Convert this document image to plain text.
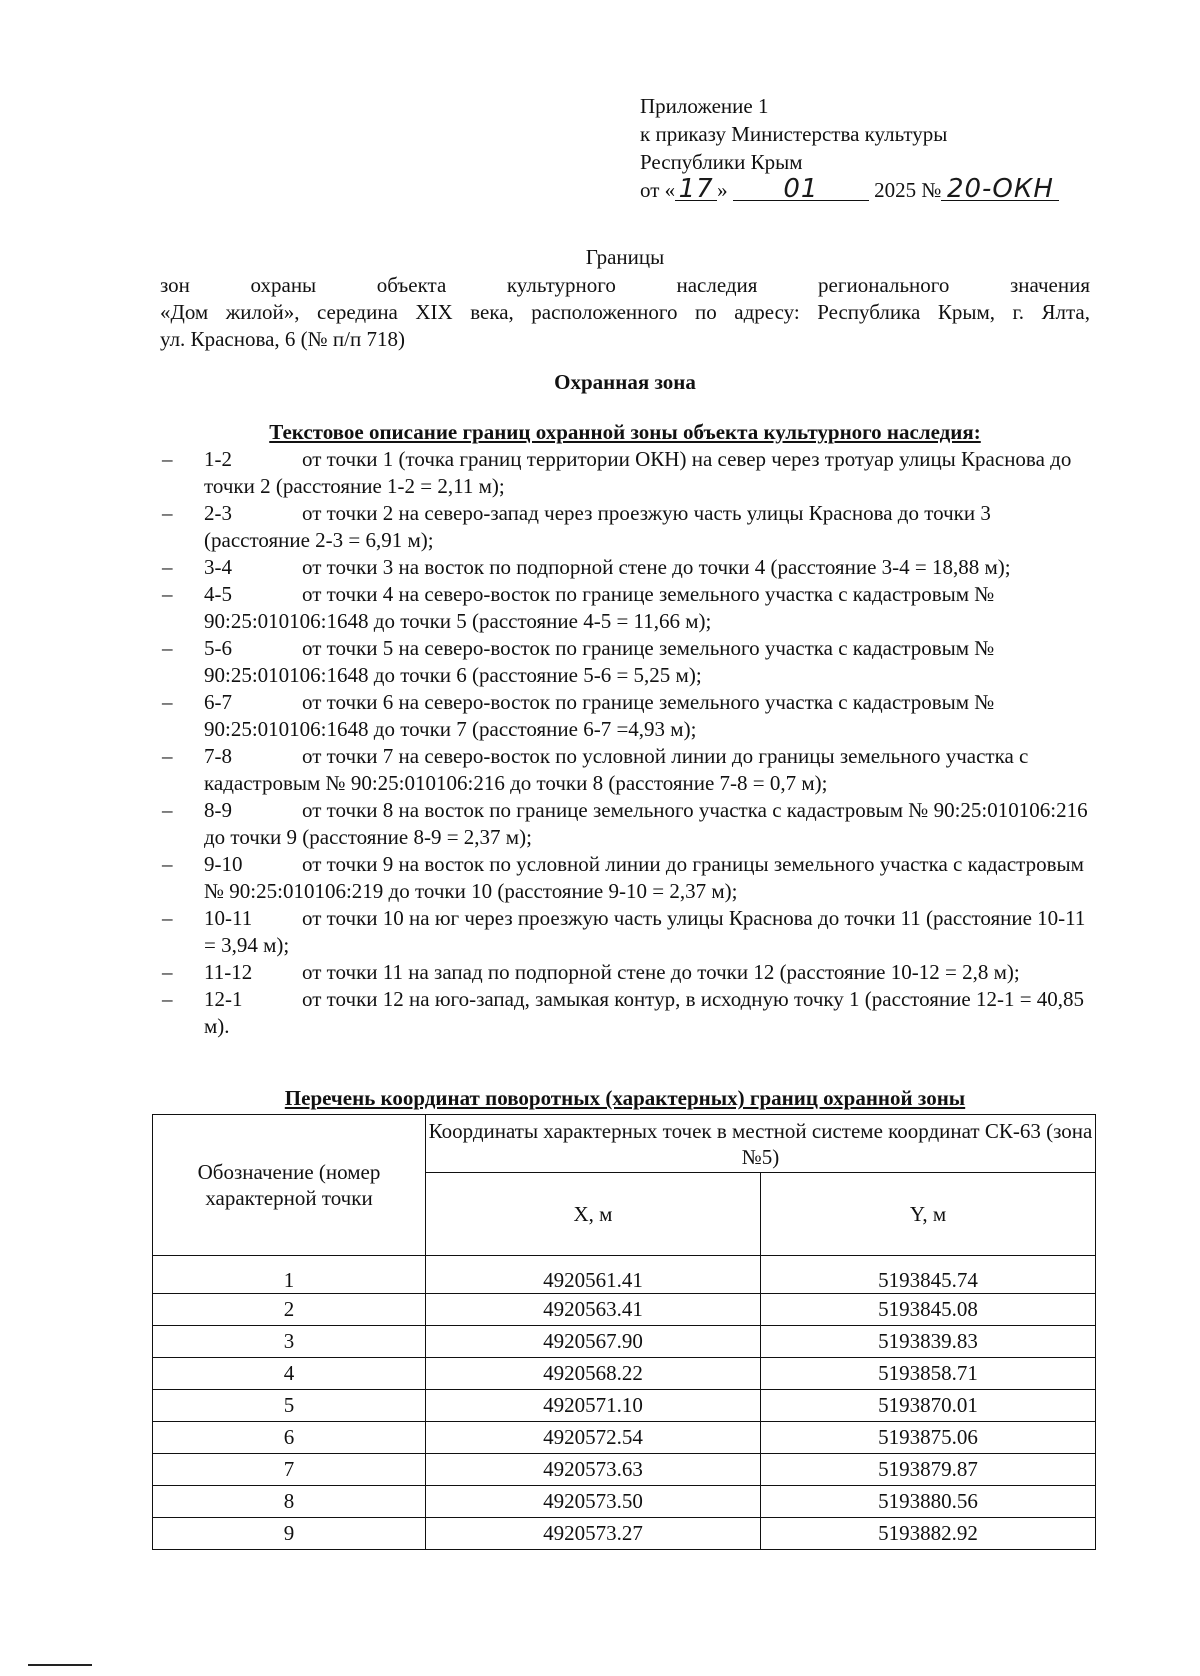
Приложение 1
к приказу Министерства культуры
Республики Крым
от « 17 » 01	2025 № 20-ОКН
Границы
зон	охраны	объекта	культурного	наследия	регионального	значения
«Дом жилой», середина XIX века, расположенного по адресу: Республика Крым, г. Ялта,
ул. Краснова, 6 (№ п/п 718)
Охранная зона
Текстовое описание границ охранной зоны объекта культурного наследия:
– 1-2	от точки 1 (точка границ территории ОКН) на север через тротуар улицы Краснова до точки 2 (расстояние 1-2 = 2,11 м);
– 2-3	от точки 2 на северо-запад через проезжую часть улицы Краснова до точки 3 (расстояние 2-3 = 6,91 м);
– 3-4	от точки 3 на восток по подпорной стене до точки 4 (расстояние 3-4 = 18,88 м);
– 4-5	от точки 4 на северо-восток по границе земельного участка с кадастровым № 90:25:010106:1648 до точки 5 (расстояние 4-5 = 11,66 м);
– 5-6	от точки 5 на северо-восток по границе земельного участка с кадастровым № 90:25:010106:1648 до точки 6 (расстояние 5-6 = 5,25 м);
– 6-7	от точки 6 на северо-восток по границе земельного участка с кадастровым № 90:25:010106:1648 до точки 7 (расстояние 6-7 =4,93 м);
– 7-8	от точки 7 на северо-восток по условной линии до границы земельного участка с кадастровым № 90:25:010106:216 до точки 8 (расстояние 7-8 = 0,7 м);
– 8-9	от точки 8 на восток по границе земельного участка с кадастровым № 90:25:010106:216 до точки 9 (расстояние 8-9 = 2,37 м);
– 9-10	от точки 9 на восток по условной линии до границы земельного участка с кадастровым № 90:25:010106:219 до точки 10 (расстояние 9-10 = 2,37 м);
– 10-11 от точки 10 на юг через проезжую часть улицы Краснова до точки 11 (расстояние 10-11 = 3,94 м);
– 11-12 от точки 11 на запад по подпорной стене до точки 12 (расстояние 10-12 = 2,8 м);
– 12-1	от точки 12 на юго-запад, замыкая контур, в исходную точку 1 (расстояние 12-1 = 40,85 м).
Перечень координат поворотных (характерных) границ охранной зоны
Обозначение (номер характерной точки	Координаты характерных точек в местной системе координат СК-63 (зона №5)	
	X, м	Y, м
1	4920561.41	5193845.74
2	4920563.41	5193845.08
3	4920567.90	5193839.83
4	4920568.22	5193858.71
5	4920571.10	5193870.01
6	4920572.54	5193875.06
7	4920573.63	5193879.87
8	4920573.50	5193880.56
9	4920573.27	5193882.92
